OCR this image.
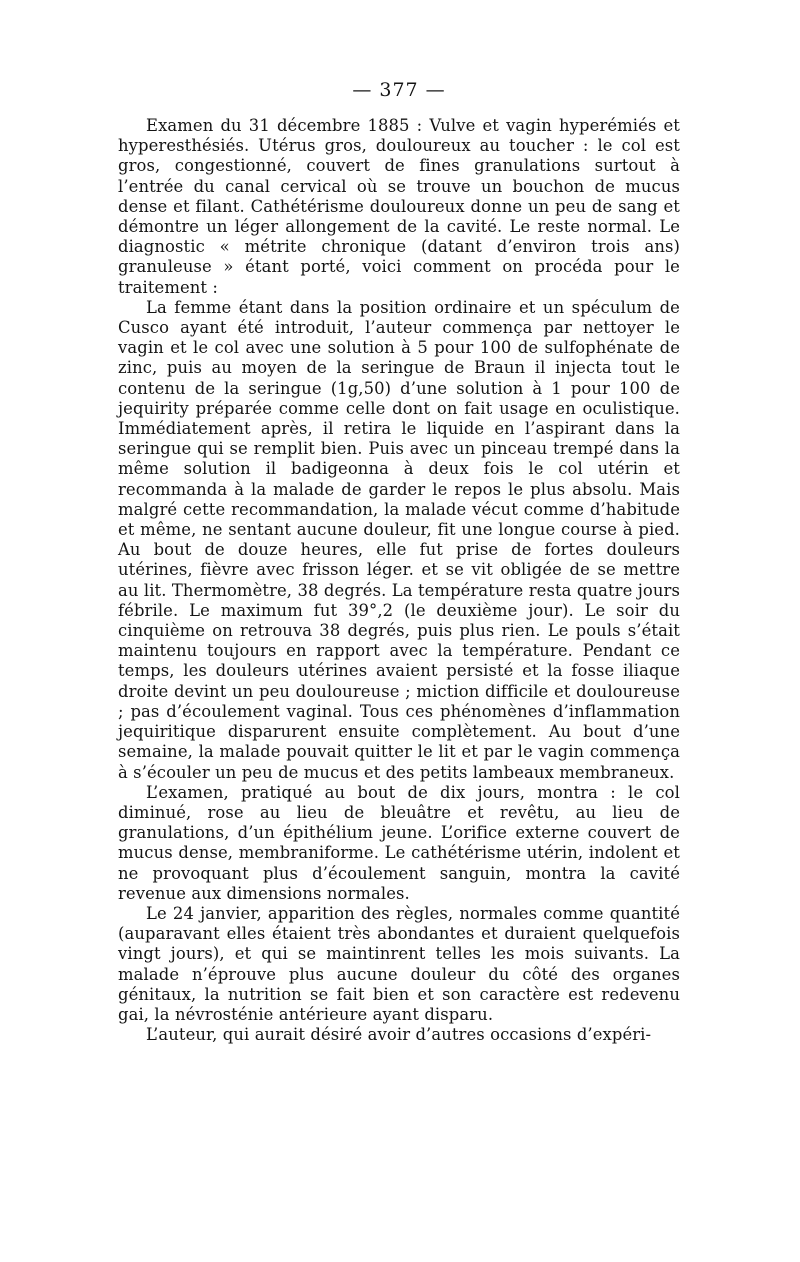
— 377 —

Examen du 31 décembre 1885 : Vulve et vagin hyperémiés et hyperesthésiés. Utérus gros, douloureux au toucher : le col est gros, congestionné, couvert de fines granulations surtout à l’entrée du canal cervical où se trouve un bouchon de mucus dense et filant. Cathétérisme douloureux donne un peu de sang et démontre un léger allongement de la cavité. Le reste normal. Le diagnostic « métrite chronique (datant d’environ trois ans) granuleuse » étant porté, voici comment on procéda pour le traitement :

La femme étant dans la position ordinaire et un spéculum de Cusco ayant été introduit, l’auteur commença par nettoyer le vagin et le col avec une solution à 5 pour 100 de sulfophénate de zinc, puis au moyen de la seringue de Braun il injecta tout le contenu de la seringue (1g,50) d’une solution à 1 pour 100 de jequirity préparée comme celle dont on fait usage en oculistique. Immédiatement après, il retira le liquide en l’aspirant dans la seringue qui se remplit bien. Puis avec un pinceau trempé dans la même solution il badigeonna à deux fois le col utérin et recommanda à la malade de garder le repos le plus absolu. Mais malgré cette recommandation, la malade vécut comme d’habitude et même, ne sentant aucune douleur, fit une longue course à pied. Au bout de douze heures, elle fut prise de fortes douleurs utérines, fièvre avec frisson léger. et se vit obligée de se mettre au lit. Thermomètre, 38 degrés. La température resta quatre jours fébrile. Le maximum fut 39°,2 (le deuxième jour). Le soir du cinquième on retrouva 38 degrés, puis plus rien. Le pouls s’était maintenu toujours en rapport avec la température. Pendant ce temps, les douleurs utérines avaient persisté et la fosse iliaque droite devint un peu douloureuse ; miction difficile et douloureuse ; pas d’écoulement vaginal. Tous ces phénomènes d’inflammation jequiritique disparurent ensuite complètement. Au bout d’une semaine, la malade pouvait quitter le lit et par le vagin commença à s’écouler un peu de mucus et des petits lambeaux membraneux.

L’examen, pratiqué au bout de dix jours, montra : le col diminué, rose au lieu de bleuâtre et revêtu, au lieu de granulations, d’un épithélium jeune. L’orifice externe couvert de mucus dense, membraniforme. Le cathétérisme utérin, indolent et ne provoquant plus d’écoulement sanguin, montra la cavité revenue aux dimensions normales.

Le 24 janvier, apparition des règles, normales comme quantité (auparavant elles étaient très abondantes et duraient quelquefois vingt jours), et qui se maintinrent telles les mois suivants. La malade n’éprouve plus aucune douleur du côté des organes génitaux, la nutrition se fait bien et son caractère est redevenu gai, la névrosténie antérieure ayant disparu.

L’auteur, qui aurait désiré avoir d’autres occasions d’expéri-
